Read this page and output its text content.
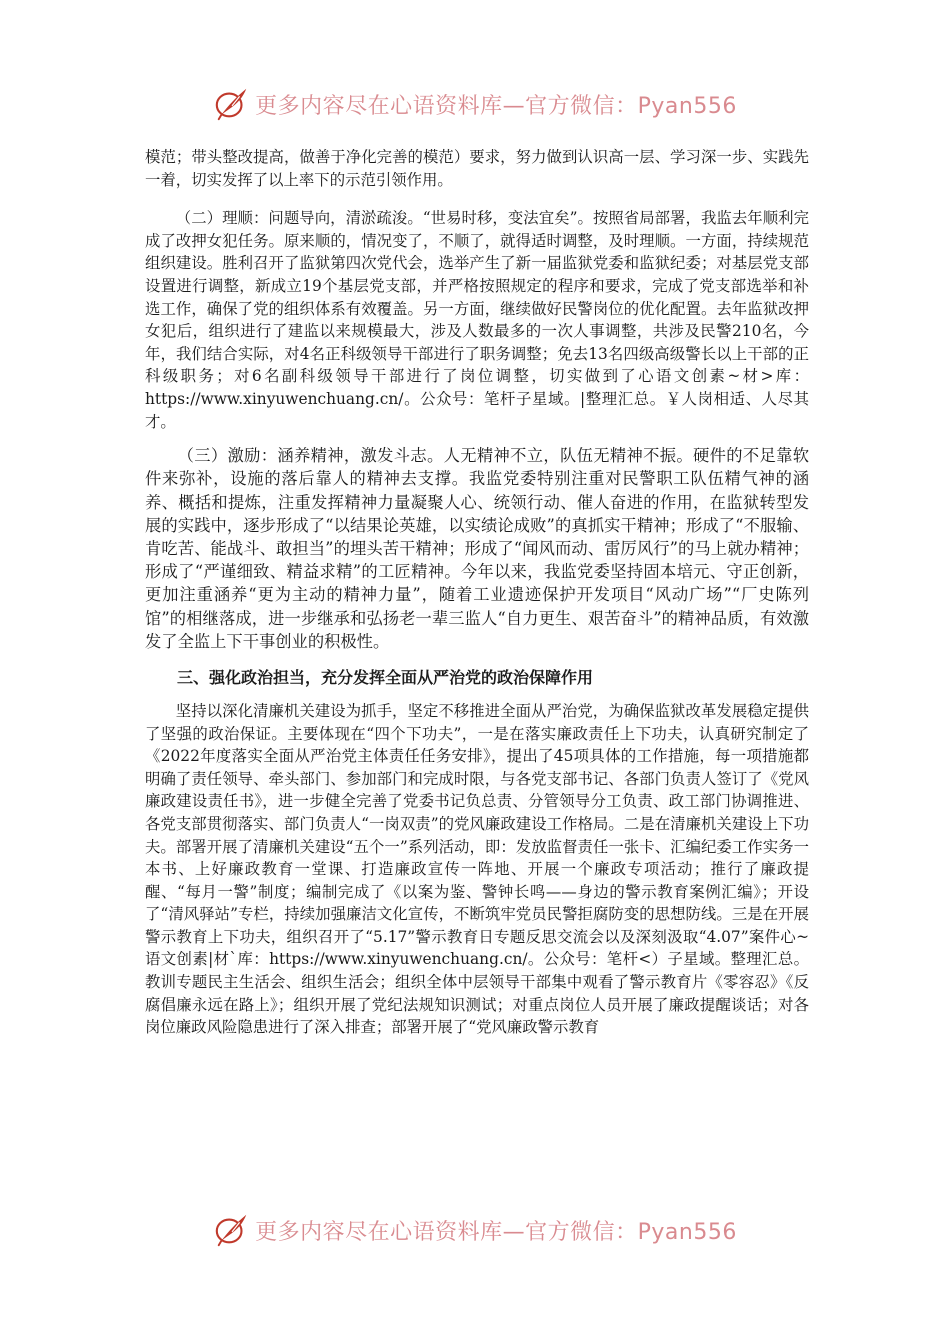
更多内容尽在心语资料库—官方微信：Pyan556

模范；带头整改提高，做善于净化完善的模范）要求，努力做到认识高一层、学习深一步、实践先一着，切实发挥了以上率下的示范引领作用。

（二）理顺：问题导向，清淤疏浚。“世易时移，变法宜矣”。按照省局部署，我监去年顺利完成了改押女犯任务。原来顺的，情况变了，不顺了，就得适时调整，及时理顺。一方面，持续规范组织建设。胜利召开了监狱第四次党代会，选举产生了新一届监狱党委和监狱纪委；对基层党支部设置进行调整，新成立19个基层党支部，并严格按照规定的程序和要求，完成了党支部选举和补选工作，确保了党的组织体系有效覆盖。另一方面，继续做好民警岗位的优化配置。去年监狱改押女犯后，组织进行了建监以来规模最大，涉及人数最多的一次人事调整，共涉及民警210名，今年，我们结合实际，对4名正科级领导干部进行了职务调整；免去13名四级高级警长以上干部的正科级职务；对6名副科级领导干部进行了岗位调整，切实做到了心语文创素~材>库：https://www.xinyuwenchuang.cn/。公众号：笔杆子星域。|整理汇总。￥人岗相适、人尽其才。

（三）激励：涵养精神，激发斗志。人无精神不立，队伍无精神不振。硬件的不足靠软件来弥补，设施的落后靠人的精神去支撑。我监党委特别注重对民警职工队伍精气神的涵养、概括和提炼，注重发挥精神力量凝聚人心、统领行动、催人奋进的作用，在监狱转型发展的实践中，逐步形成了“以结果论英雄，以实绩论成败”的真抓实干精神；形成了“不服输、肯吃苦、能战斗、敢担当”的埋头苦干精神；形成了“闻风而动、雷厉风行”的马上就办精神；形成了“严谨细致、精益求精”的工匠精神。今年以来，我监党委坚持固本培元、守正创新，更加注重涵养“更为主动的精神力量”，随着工业遗迹保护开发项目“风动广场”“厂史陈列馆”的相继落成，进一步继承和弘扬老一辈三监人“自力更生、艰苦奋斗”的精神品质，有效激发了全监上下干事创业的积极性。

三、强化政治担当，充分发挥全面从严治党的政治保障作用

坚持以深化清廉机关建设为抓手，坚定不移推进全面从严治党，为确保监狱改革发展稳定提供了坚强的政治保证。主要体现在“四个下功夫”，一是在落实廉政责任上下功夫，认真研究制定了《2022年度落实全面从严治党主体责任任务安排》，提出了45项具体的工作措施，每一项措施都明确了责任领导、牵头部门、参加部门和完成时限，与各党支部书记、各部门负责人签订了《党风廉政建设责任书》，进一步健全完善了党委书记负总责、分管领导分工负责、政工部门协调推进、各党支部贯彻落实、部门负责人“一岗双责”的党风廉政建设工作格局。二是在清廉机关建设上下功夫。部署开展了清廉机关建设“五个一”系列活动，即：发放监督责任一张卡、汇编纪委工作实务一本书、上好廉政教育一堂课、打造廉政宣传一阵地、开展一个廉政专项活动；推行了廉政提醒、“每月一警”制度；编制完成了《以案为鉴、警钟长鸣——身边的警示教育案例汇编》；开设了“清风驿站”专栏，持续加强廉洁文化宣传，不断筑牢党员民警拒腐防变的思想防线。三是在开展警示教育上下功夫，组织召开了“5.17”警示教育日专题反思交流会以及深刻汲取“4.07”案件心~语文创素|材`库：https://www.xinyuwenchuang.cn/。公众号：笔杆<）子星域。整理汇总。教训专题民主生活会、组织生活会；组织全体中层领导干部集中观看了警示教育片《零容忍》《反腐倡廉永远在路上》；组织开展了党纪法规知识测试；对重点岗位人员开展了廉政提醒谈话；对各岗位廉政风险隐患进行了深入排查；部署开展了“党风廉政警示教育

更多内容尽在心语资料库—官方微信：Pyan556
